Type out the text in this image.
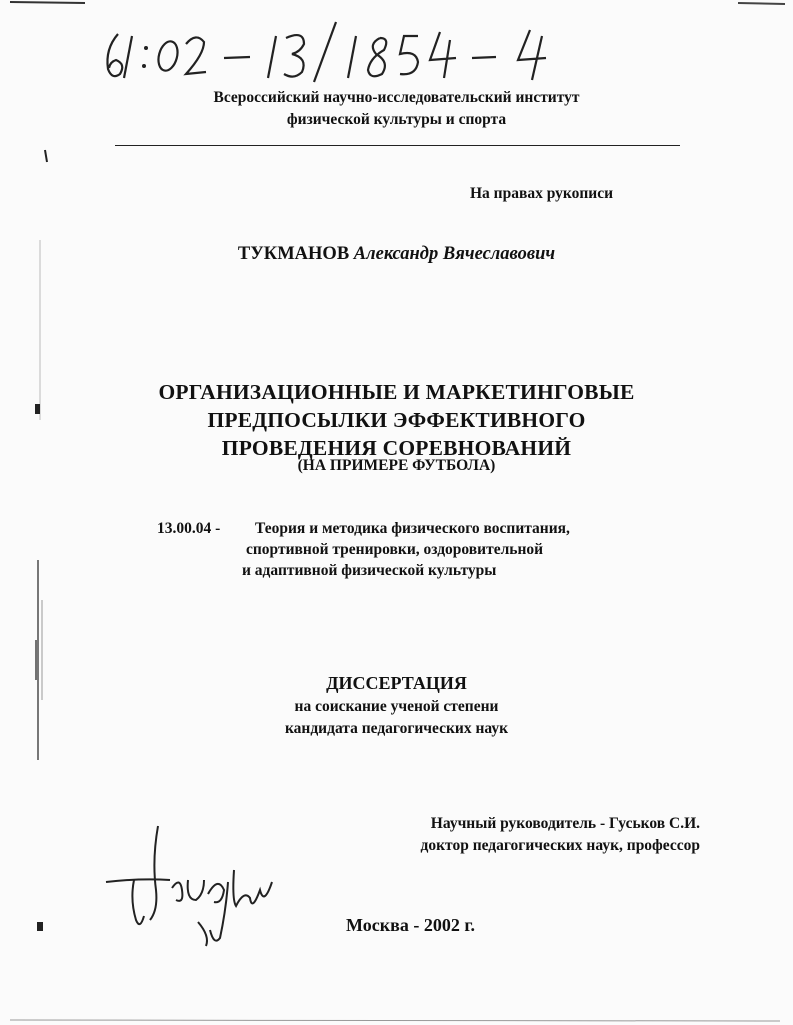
Всероссийский научно-исследовательский институт
физической культуры и спорта
На правах рукописи
ТУКМАНОВ Александр Вячеславович
ОРГАНИЗАЦИОННЫЕ И МАРКЕТИНГОВЫЕ
ПРЕДПОСЫЛКИ ЭФФЕКТИВНОГО
ПРОВЕДЕНИЯ СОРЕВНОВАНИЙ
(НА ПРИМЕРЕ ФУТБОЛА)
13.00.04 - Теория и методика физического воспитания,
спортивной тренировки, оздоровительной
и адаптивной физической культуры
ДИССЕРТАЦИЯ
на соискание ученой степени
кандидата педагогических наук
Научный руководитель - Гуськов С.И.
доктор педагогических наук, профессор
Москва - 2002 г.
